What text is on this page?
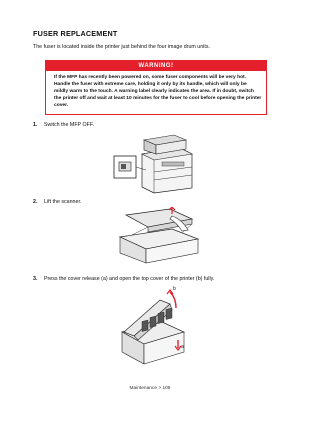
FUSER REPLACEMENT
The fuser is located inside the printer just behind the four image drum units.
WARNING!
If the MFP has recently been powered on, some fuser components will be very hot. Handle the fuser with extreme care, holding it only by its handle, which will only be mildly warm to the touch. A warning label clearly indicates the area. If in doubt, switch the printer off and wait at least 10 minutes for the fuser to cool before opening the printer cover.
1. Switch the MFP OFF.
2. Lift the scanner.
3. Press the cover release (a) and open the top cover of the printer (b) fully.
b
a
Maintenance > 109
